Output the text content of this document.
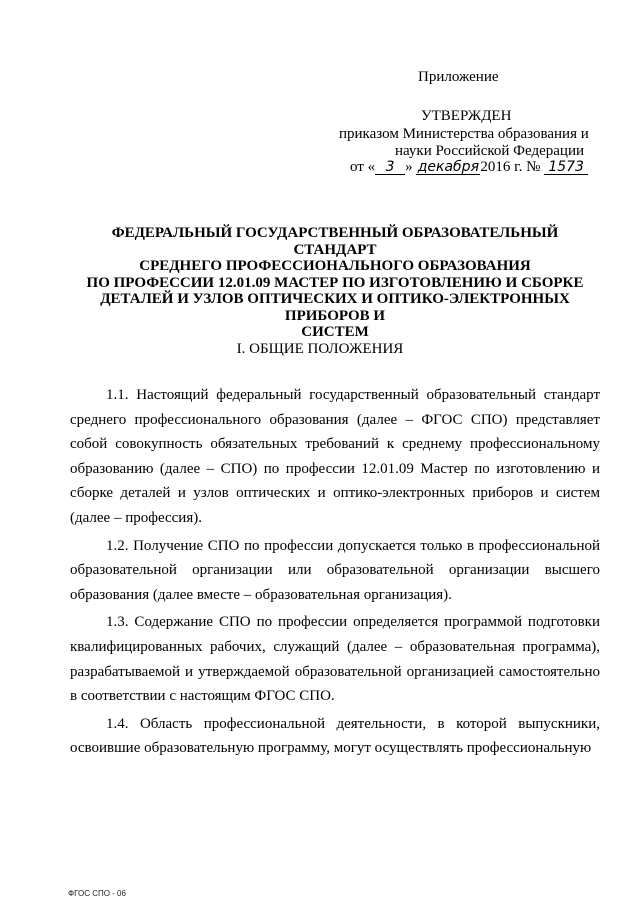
Приложение
УТВЕРЖДЕН
приказом Министерства образования и
науки Российской Федерации
от « 3 » декабря2016 г. № 1573
ФЕДЕРАЛЬНЫЙ ГОСУДАРСТВЕННЫЙ ОБРАЗОВАТЕЛЬНЫЙ СТАНДАРТ
СРЕДНЕГО ПРОФЕССИОНАЛЬНОГО ОБРАЗОВАНИЯ
ПО ПРОФЕССИИ 12.01.09 МАСТЕР ПО ИЗГОТОВЛЕНИЮ И СБОРКЕ
ДЕТАЛЕЙ И УЗЛОВ ОПТИЧЕСКИХ И ОПТИКО-ЭЛЕКТРОННЫХ ПРИБОРОВ И
СИСТЕМ
I. ОБЩИЕ ПОЛОЖЕНИЯ

1.1. Настоящий федеральный государственный образовательный стандарт среднего профессионального образования (далее – ФГОС СПО) представляет собой совокупность обязательных требований к среднему профессиональному образованию (далее – СПО) по профессии 12.01.09 Мастер по изготовлению и сборке деталей и узлов оптических и оптико-электронных приборов и систем (далее – профессия).

1.2. Получение СПО по профессии допускается только в профессиональной образовательной организации или образовательной организации высшего образования (далее вместе – образовательная организация).

1.3. Содержание СПО по профессии определяется программой подготовки квалифицированных рабочих, служащий (далее – образовательная программа), разрабатываемой и утверждаемой образовательной организацией самостоятельно в соответствии с настоящим ФГОС СПО.

1.4. Область профессиональной деятельности, в которой выпускники, освоившие образовательную программу, могут осуществлять профессиональную

ФГОС СПО - 06
